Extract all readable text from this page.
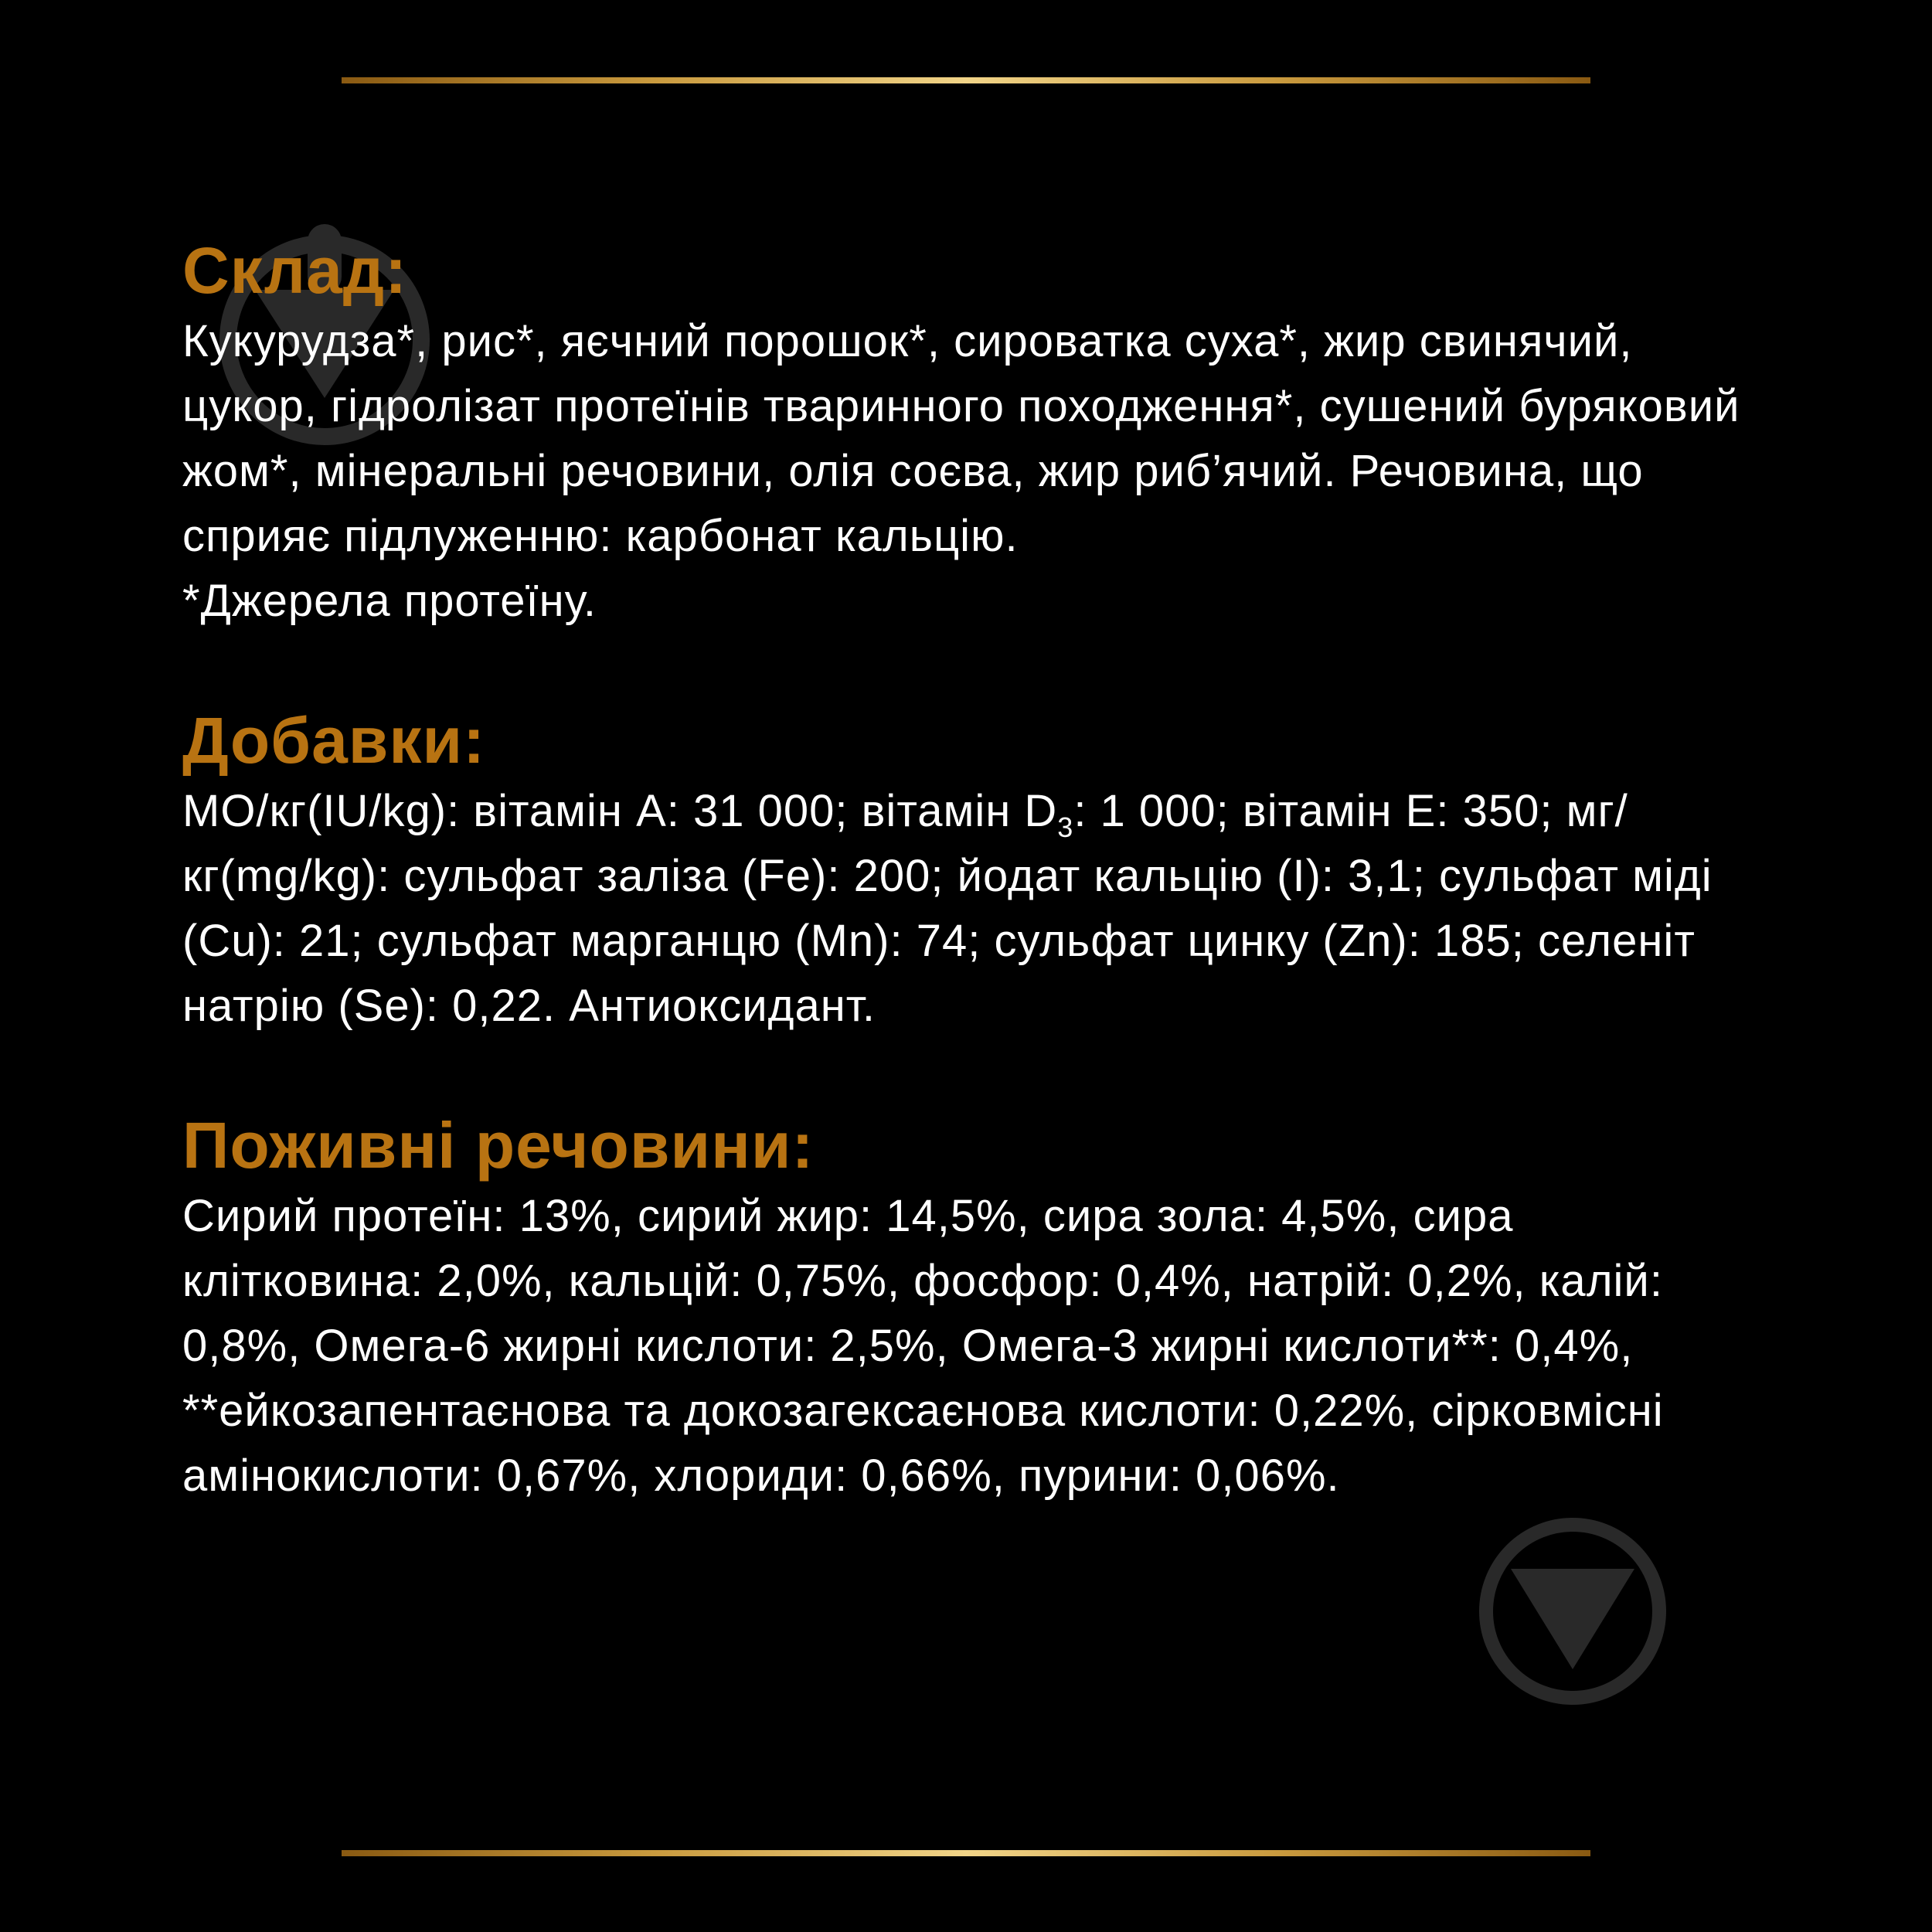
Склад:

Кукурудза*, рис*, яєчний порошок*, сироватка суха*, жир свинячий, цукор, гідролізат протеїнів тваринного походження*, сушений буряковий жом*, мінеральні речовини, олія соєва, жир риб’ячий. Речовина, що сприяє підлуженню: карбонат кальцію.

*Джерела протеїну.

Добавки:

МО/кг(IU/kg): вітамін А: 31 000; вітамін $D_3$: 1 000; вітамін Е: 350; мг/кг(mg/kg): сульфат заліза (Fe): 200; йодат кальцію (I): 3,1; сульфат міді (Cu): 21; сульфат марганцю (Mn): 74; сульфат цинку (Zn): 185; селеніт натрію (Se): 0,22. Антиоксидант.

Поживні речовини:

Сирий протеїн: 13%, сирий жир: 14,5%, сира зола: 4,5%, сира клітковина: 2,0%, кальцій: 0,75%, фосфор: 0,4%, натрій: 0,2%, калій: 0,8%, Омега-6 жирні кислоти: 2,5%, Омега-3 жирні кислоти**: 0,4%, **ейкозапентаєнова та докозагексаєнова кислоти: 0,22%, сірковмісні амінокислоти: 0,67%, хлориди: 0,66%, пурини: 0,06%.
